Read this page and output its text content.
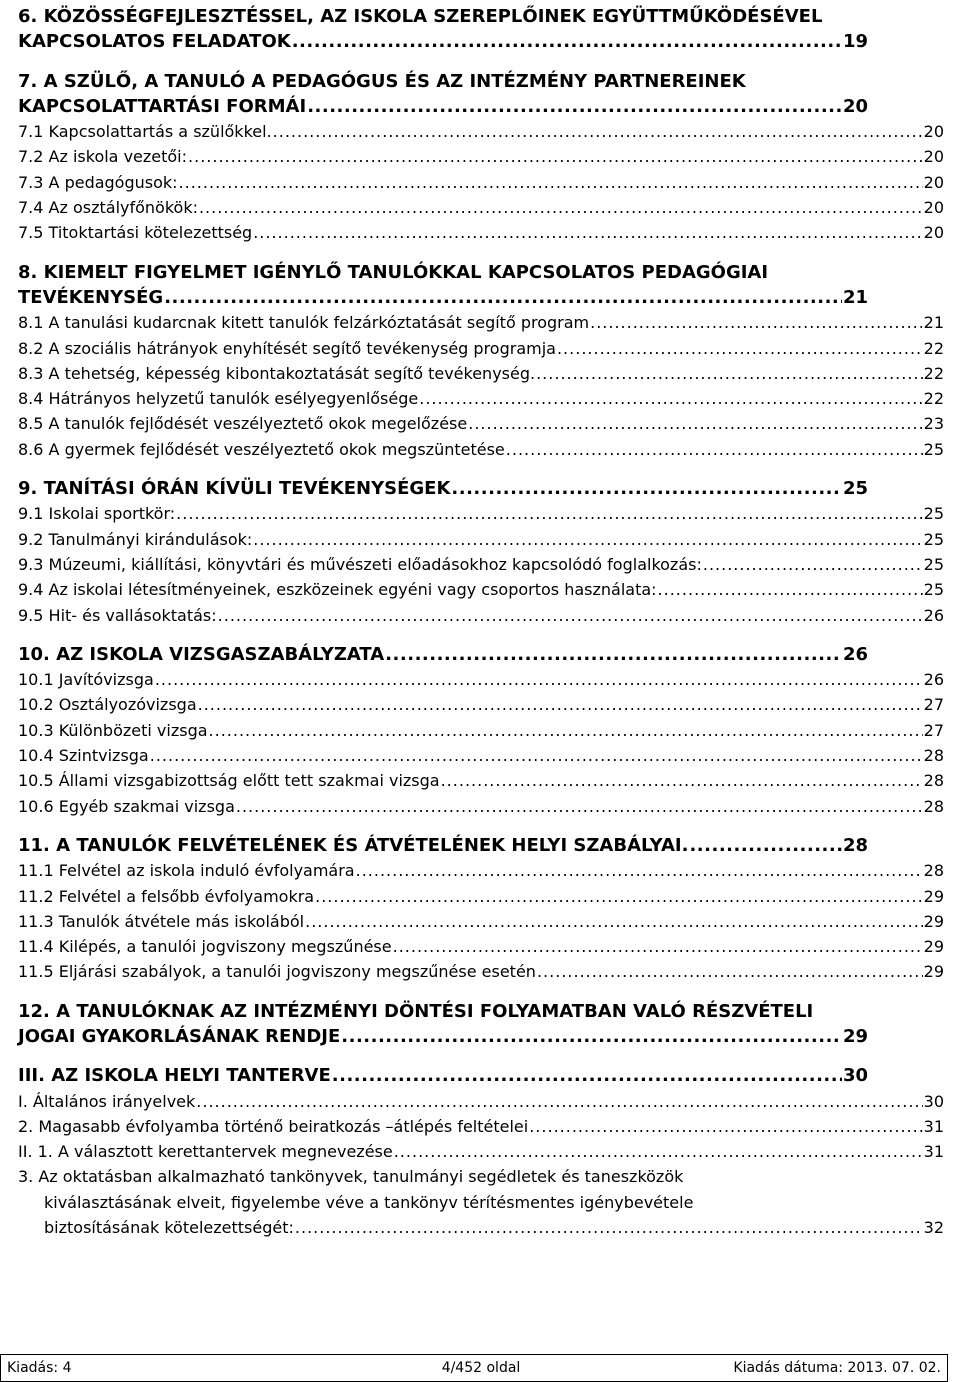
6. KÖZÖSSÉGFEJLESZTÉSSEL, AZ ISKOLA SZEREPLŐINEK EGYÜTTMŰKÖDÉSÉVEL
KAPCSOLATOS FELADATOK .....	19
7. A SZÜLŐ, A TANULÓ A PEDAGÓGUS ÉS AZ INTÉZMÉNY PARTNEREINEK
KAPCSOLATTARTÁSI FORMÁI .....	20
7.1 Kapcsolattartás a szülőkkel. .....	20
7.2 Az iskola vezetői: .....	20
7.3 A pedagógusok: .....	20
7.4 Az osztályfőnökök: .....	20
7.5 Titoktartási kötelezettség .....	20
8. KIEMELT FIGYELMET IGÉNYLŐ TANULÓKKAL KAPCSOLATOS PEDAGÓGIAI
TEVÉKENYSÉG .....	21
8.1 A tanulási kudarcnak kitett tanulók felzárkóztatását segítő program .....	21
8.2 A szociális hátrányok enyhítését segítő tevékenység programja .....	22
8.3 A tehetség, képesség kibontakoztatását segítő tevékenység. .....	22
8.4 Hátrányos helyzetű tanulók esélyegyenlősége .....	22
8.5 A tanulók fejlődését veszélyeztető okok megelőzése .....	23
8.6 A gyermek fejlődését veszélyeztető okok megszüntetése .....	25
9. TANÍTÁSI ÓRÁN KÍVÜLI TEVÉKENYSÉGEK .....	25
9.1 Iskolai sportkör: .....	25
9.2 Tanulmányi kirándulások: .....	25
9.3 Múzeumi, kiállítási, könyvtári és művészeti előadásokhoz kapcsolódó foglalkozás: .....	25
9.4 Az iskolai létesítményeinek, eszközeinek egyéni vagy csoportos használata: .....	25
9.5 Hit- és vallásoktatás: .....	26
10. AZ ISKOLA VIZSGASZABÁLYZATA .....	26
10.1 Javítóvizsga .....	26
10.2 Osztályozóvizsga .....	27
10.3 Különbözeti vizsga .....	27
10.4 Szintvizsga .....	28
10.5 Állami vizsgabizottság előtt tett szakmai vizsga .....	28
10.6 Egyéb szakmai vizsga .....	28
11. A TANULÓK FELVÉTELÉNEK ÉS ÁTVÉTELÉNEK HELYI SZABÁLYAI. .....	28
11.1 Felvétel az iskola induló évfolyamára .....	28
11.2 Felvétel a felsőbb évfolyamokra .....	29
11.3 Tanulók átvétele más iskolából .....	29
11.4 Kilépés, a tanulói jogviszony megszűnése .....	29
11.5 Eljárási szabályok, a tanulói jogviszony megszűnése esetén .....	29
12. A TANULÓKNAK AZ INTÉZMÉNYI DÖNTÉSI FOLYAMATBAN VALÓ RÉSZVÉTELI
JOGAI GYAKORLÁSÁNAK RENDJE .....	29
III. AZ ISKOLA HELYI TANTERVE .....	30
I. Általános irányelvek .....	30
2. Magasabb évfolyamba történő beiratkozás –átlépés feltételei .....	31
II. 1. A választott kerettantervek megnevezése .....	31
3. Az oktatásban alkalmazható tankönyvek, tanulmányi segédletek és taneszközök
kiválasztásának elveit, figyelembe véve a tankönyv térítésmentes igénybevétele
biztosításának kötelezettségét: .....	32
Kiadás: 4	4/452 oldal	Kiadás dátuma: 2013. 07. 02.
